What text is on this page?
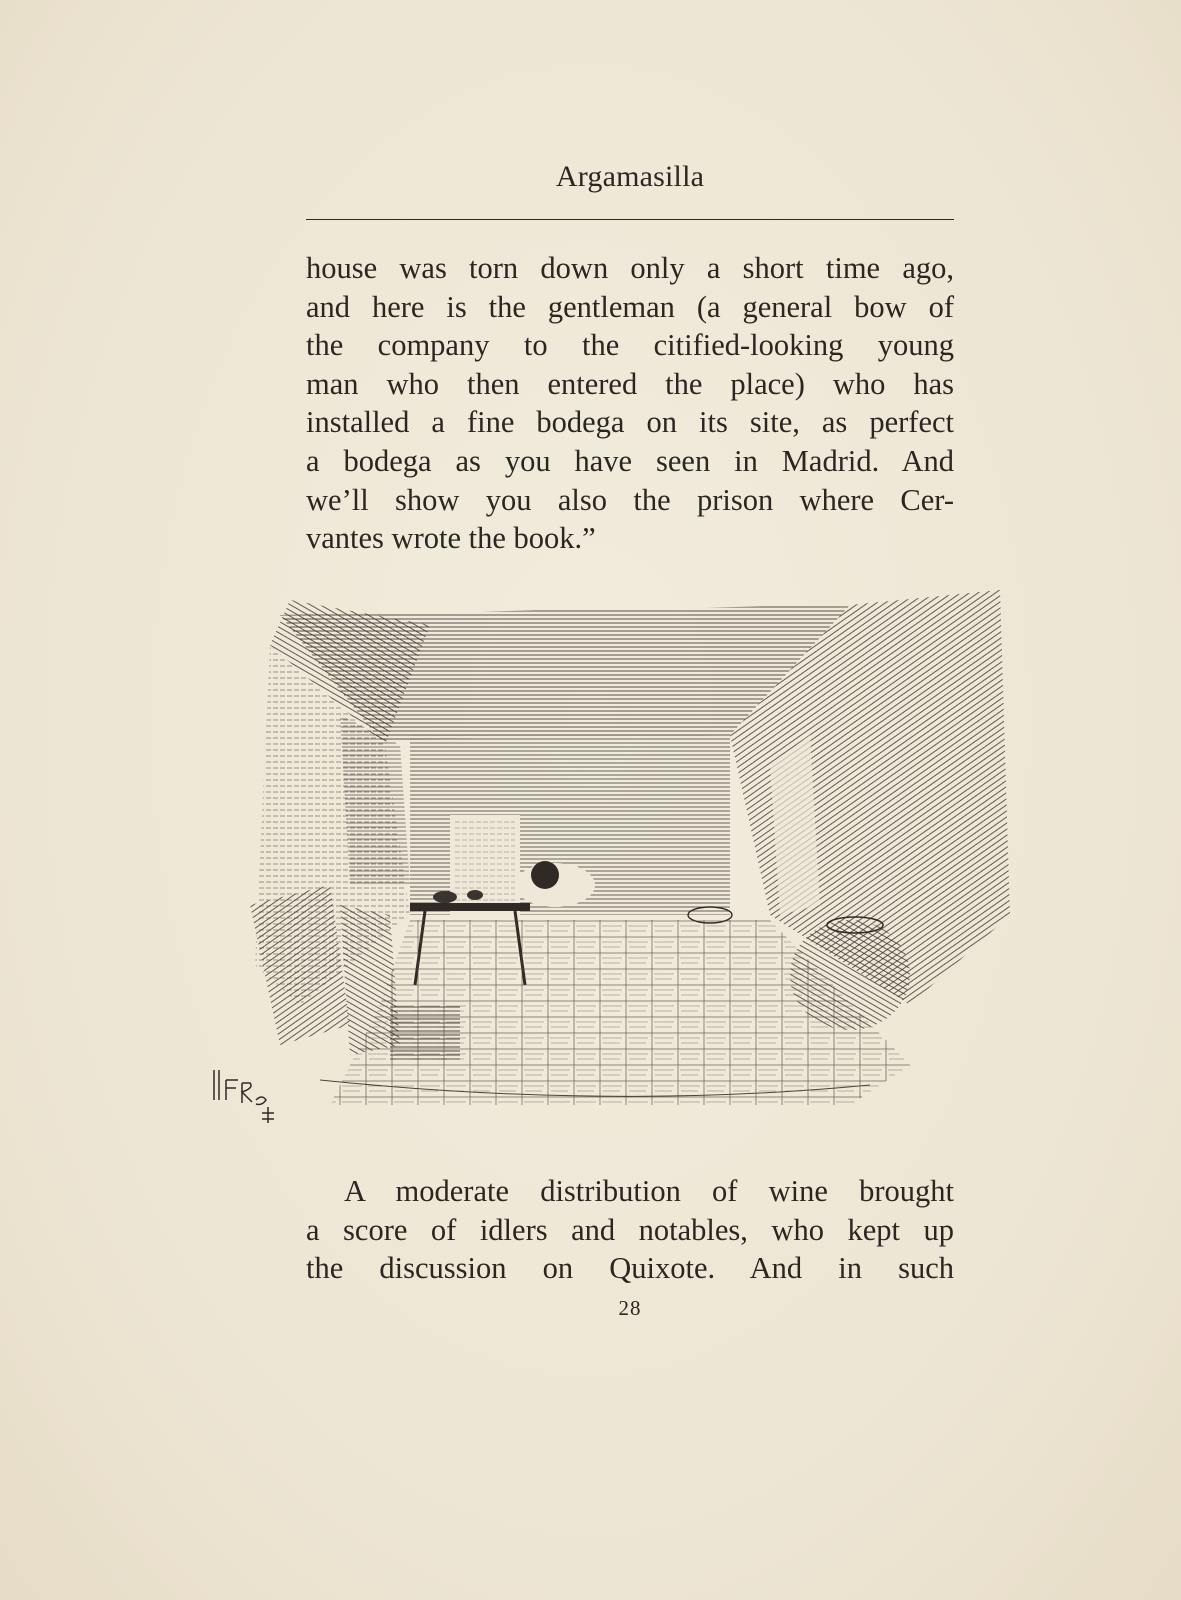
Argamasilla
house was torn down only a short time ago,
and here is the gentleman (a general bow of
the company to the citified-looking young
man who then entered the place) who has
installed a fine bodega on its site, as perfect
a bodega as you have seen in Madrid. And
we’ll show you also the prison where Cer-
vantes wrote the book.”
A moderate distribution of wine brought
a score of idlers and notables, who kept up
the discussion on Quixote. And in such
28
